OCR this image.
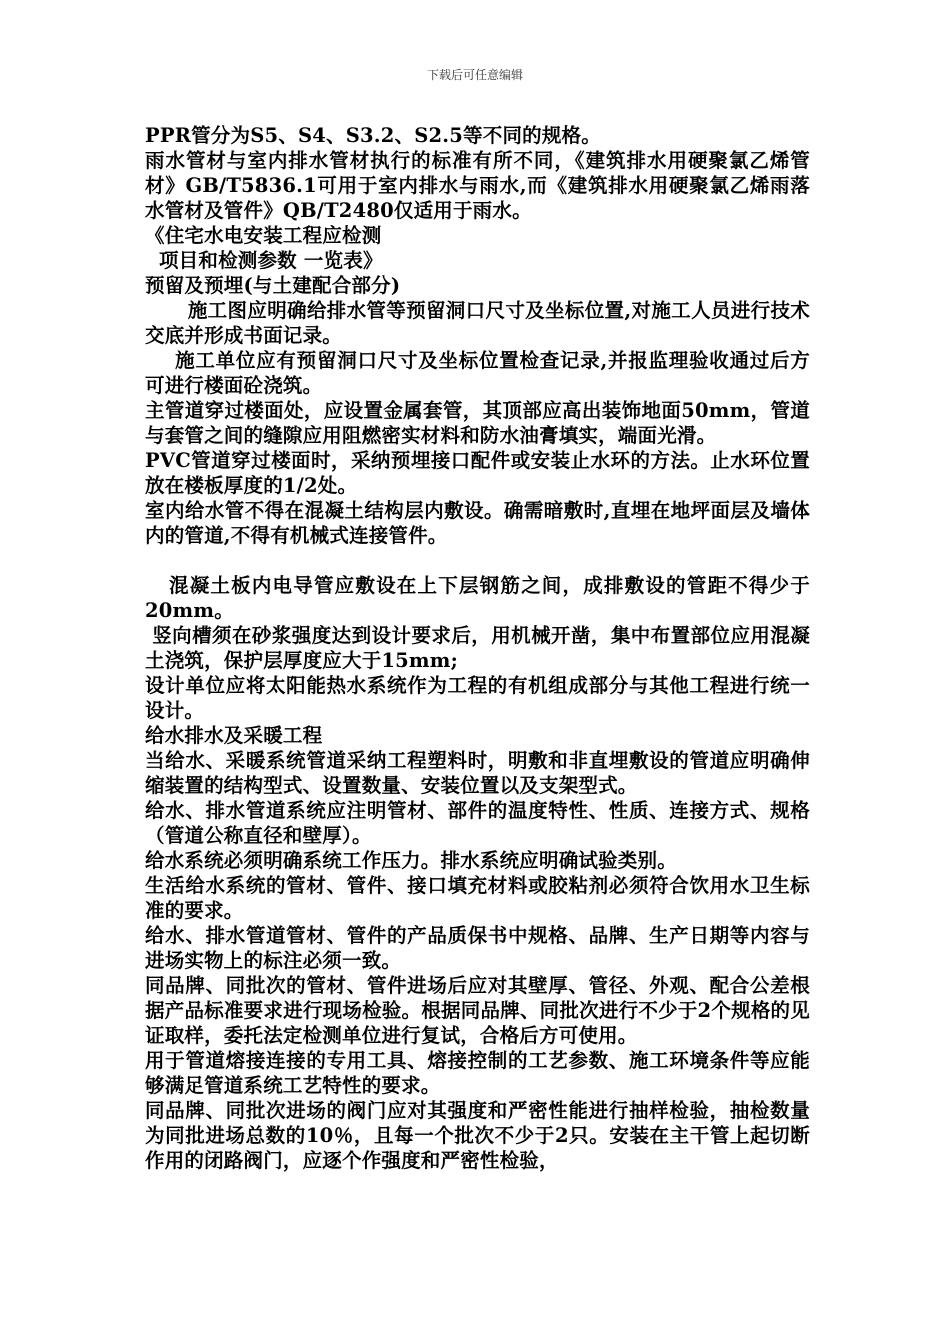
下载后可任意编辑

PPR管分为S5、S4、S3.2、S2.5等不同的规格。

雨水管材与室内排水管材执行的标准有所不同，《建筑排水用硬聚氯乙烯管材》GB/T5836.1可用于室内排水与雨水,而《建筑排水用硬聚氯乙烯雨落水管材及管件》QB/T2480仅适用于雨水。

《住宅水电安装工程应检测

项目和检测参数 一览表》

预留及预埋(与土建配合部分)

施工图应明确给排水管等预留洞口尺寸及坐标位置,对施工人员进行技术交底并形成书面记录。

施工单位应有预留洞口尺寸及坐标位置检查记录,并报监理验收通过后方可进行楼面砼浇筑。

主管道穿过楼面处，应设置金属套管，其顶部应高出装饰地面50mm，管道与套管之间的缝隙应用阻燃密实材料和防水油膏填实，端面光滑。

PVC管道穿过楼面时，采纳预埋接口配件或安装止水环的方法。止水环位置放在楼板厚度的1/2处。

室内给水管不得在混凝土结构层内敷设。确需暗敷时,直埋在地坪面层及墙体内的管道,不得有机械式连接管件。

混凝土板内电导管应敷设在上下层钢筋之间，成排敷设的管距不得少于20mm。

竖向槽须在砂浆强度达到设计要求后，用机械开凿，集中布置部位应用混凝土浇筑，保护层厚度应大于15mm;

设计单位应将太阳能热水系统作为工程的有机组成部分与其他工程进行统一设计。

给水排水及采暖工程

当给水、采暖系统管道采纳工程塑料时，明敷和非直埋敷设的管道应明确伸缩装置的结构型式、设置数量、安装位置以及支架型式。

给水、排水管道系统应注明管材、部件的温度特性、性质、连接方式、规格（管道公称直径和壁厚）。

给水系统必须明确系统工作压力。排水系统应明确试验类别。

生活给水系统的管材、管件、接口填充材料或胶粘剂必须符合饮用水卫生标准的要求。

给水、排水管道管材、管件的产品质保书中规格、品牌、生产日期等内容与进场实物上的标注必须一致。

同品牌、同批次的管材、管件进场后应对其壁厚、管径、外观、配合公差根据产品标准要求进行现场检验。根据同品牌、同批次进行不少于2个规格的见证取样，委托法定检测单位进行复试，合格后方可使用。

用于管道熔接连接的专用工具、熔接控制的工艺参数、施工环境条件等应能够满足管道系统工艺特性的要求。

同品牌、同批次进场的阀门应对其强度和严密性能进行抽样检验，抽检数量为同批进场总数的10％，且每一个批次不少于2只。安装在主干管上起切断作用的闭路阀门，应逐个作强度和严密性检验，
